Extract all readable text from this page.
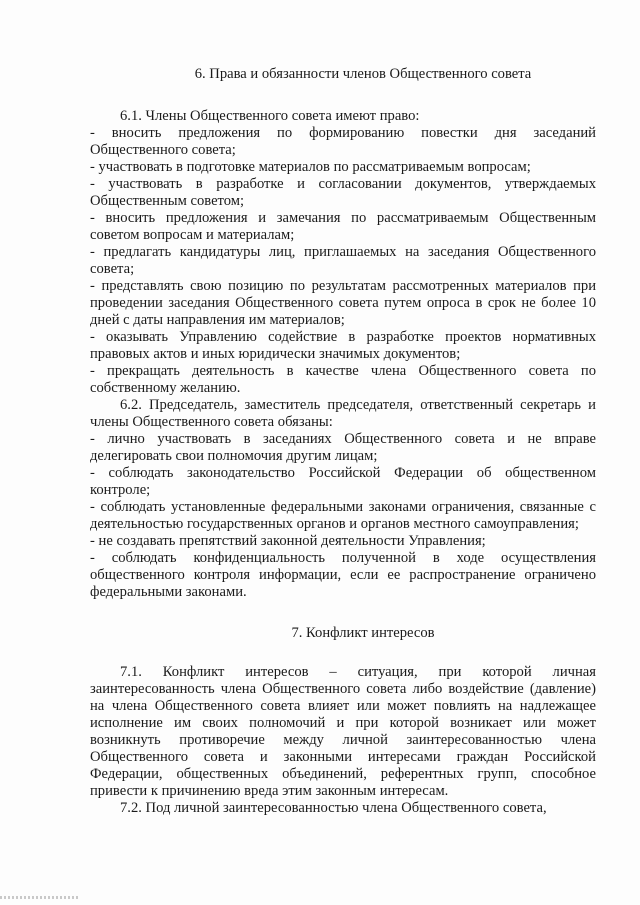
6. Права и обязанности членов Общественного совета

6.1. Члены Общественного совета имеют право:

- вносить предложения по формированию повестки дня заседаний Общественного совета;

- участвовать в подготовке материалов по рассматриваемым вопросам;

- участвовать в разработке и согласовании документов, утверждаемых Общественным советом;

- вносить предложения и замечания по рассматриваемым Общественным советом вопросам и материалам;

- предлагать кандидатуры лиц, приглашаемых на заседания Общественного совета;

- представлять свою позицию по результатам рассмотренных материалов при проведении заседания Общественного совета путем опроса в срок не более 10 дней с даты направления им материалов;

- оказывать Управлению содействие в разработке проектов нормативных правовых актов и иных юридически значимых документов;

- прекращать деятельность в качестве члена Общественного совета по собственному желанию.

6.2. Председатель, заместитель председателя, ответственный секретарь и члены Общественного совета обязаны:

- лично участвовать в заседаниях Общественного совета и не вправе делегировать свои полномочия другим лицам;

- соблюдать законодательство Российской Федерации об общественном контроле;

- соблюдать установленные федеральными законами ограничения, связанные с деятельностью государственных органов и органов местного самоуправления;

- не создавать препятствий законной деятельности Управления;

- соблюдать конфиденциальность полученной в ходе осуществления общественного контроля информации, если ее распространение ограничено федеральными законами.

7. Конфликт интересов

7.1. Конфликт интересов – ситуация, при которой личная заинтересованность члена Общественного совета либо воздействие (давление) на члена Общественного совета влияет или может повлиять на надлежащее исполнение им своих полномочий и при которой возникает или может возникнуть противоречие между личной заинтересованностью члена Общественного совета и законными интересами граждан Российской Федерации, общественных объединений, референтных групп, способное привести к причинению вреда этим законным интересам.

7.2. Под личной заинтересованностью члена Общественного совета,
